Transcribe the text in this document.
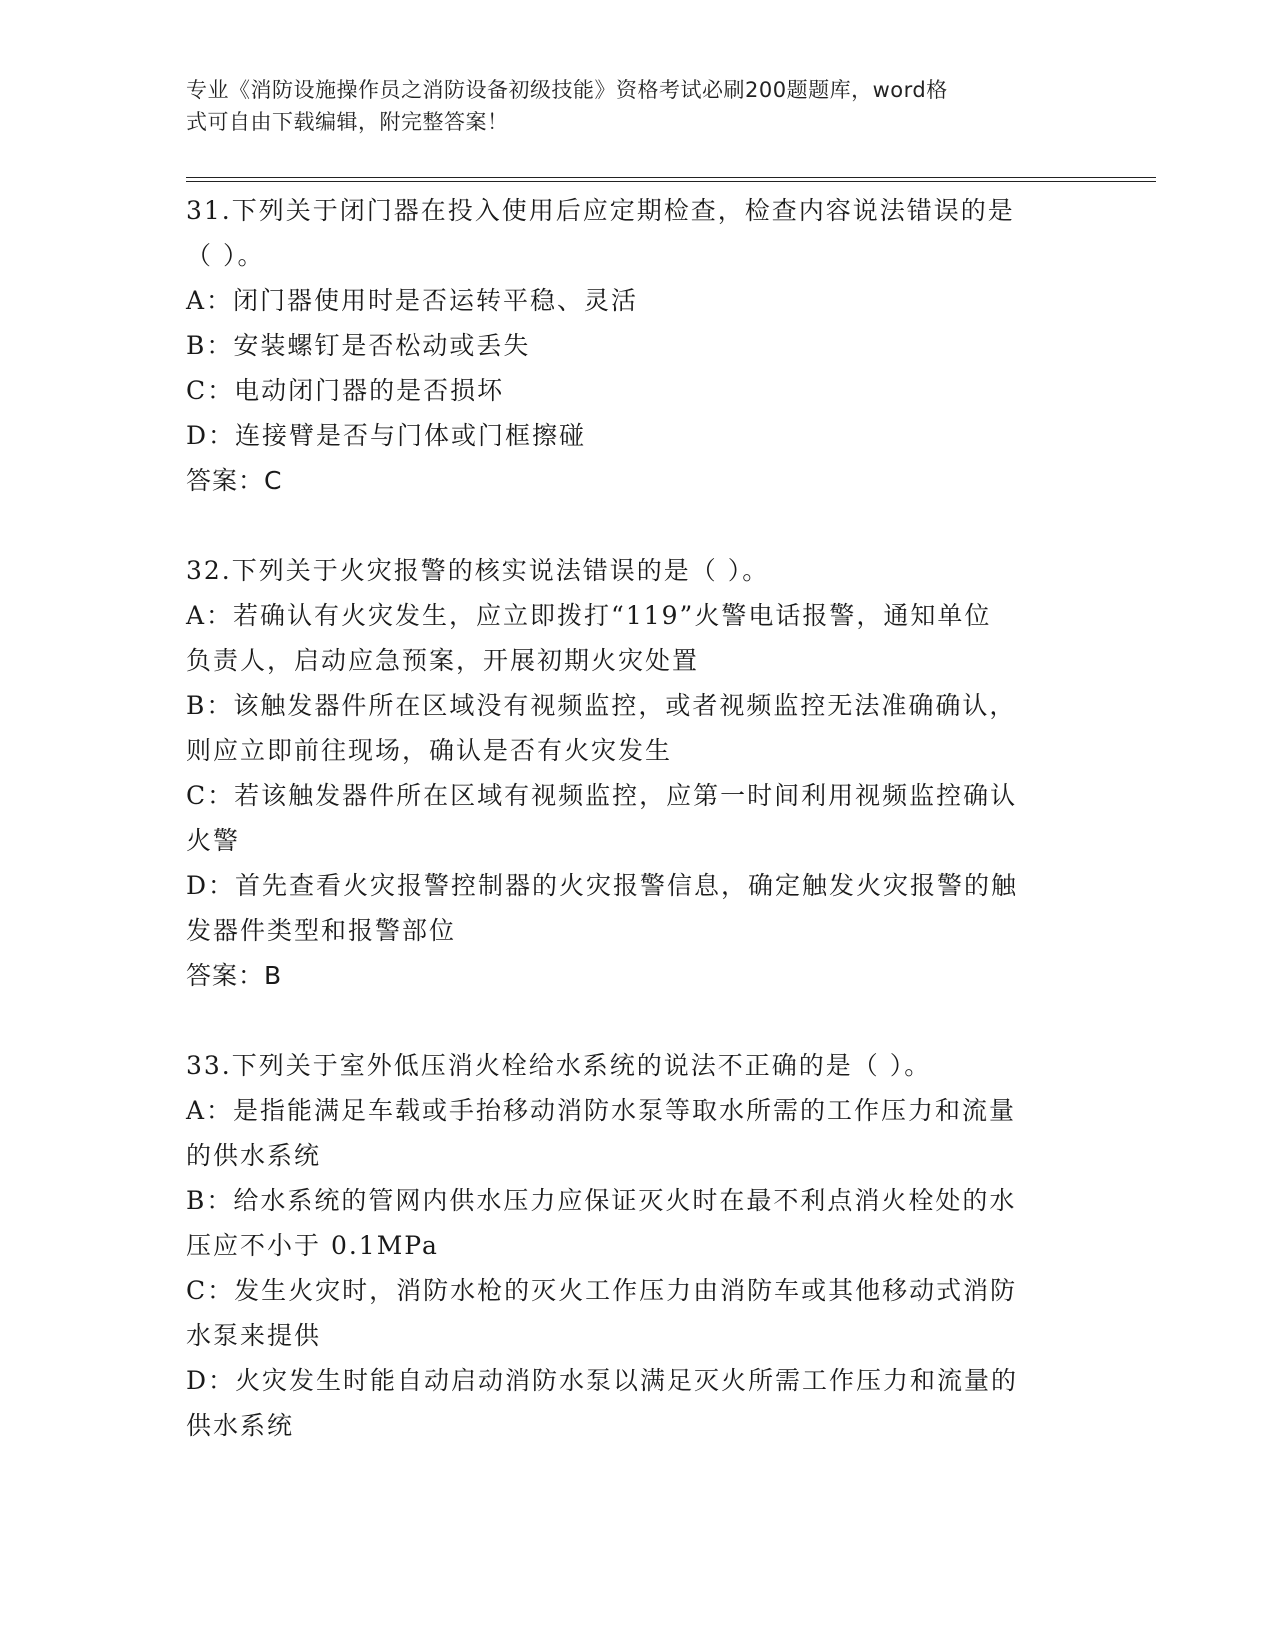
专业《消防设施操作员之消防设备初级技能》资格考试必刷200题题库，word格
式可自由下载编辑，附完整答案！

31.下列关于闭门器在投入使用后应定期检查，检查内容说法错误的是

（ ）。

A：闭门器使用时是否运转平稳、灵活

B：安装螺钉是否松动或丢失

C：电动闭门器的是否损坏

D：连接臂是否与门体或门框擦碰

答案：C

32.下列关于火灾报警的核实说法错误的是（ ）。

A：若确认有火灾发生，应立即拨打“119”火警电话报警，通知单位

负责人，启动应急预案，开展初期火灾处置

B：该触发器件所在区域没有视频监控，或者视频监控无法准确确认，

则应立即前往现场，确认是否有火灾发生

C：若该触发器件所在区域有视频监控，应第一时间利用视频监控确认

火警

D：首先查看火灾报警控制器的火灾报警信息，确定触发火灾报警的触

发器件类型和报警部位

答案：B

33.下列关于室外低压消火栓给水系统的说法不正确的是（ ）。

A：是指能满足车载或手抬移动消防水泵等取水所需的工作压力和流量

的供水系统

B：给水系统的管网内供水压力应保证灭火时在最不利点消火栓处的水

压应不小于 0.1MPa

C：发生火灾时，消防水枪的灭火工作压力由消防车或其他移动式消防

水泵来提供

D：火灾发生时能自动启动消防水泵以满足灭火所需工作压力和流量的

供水系统
